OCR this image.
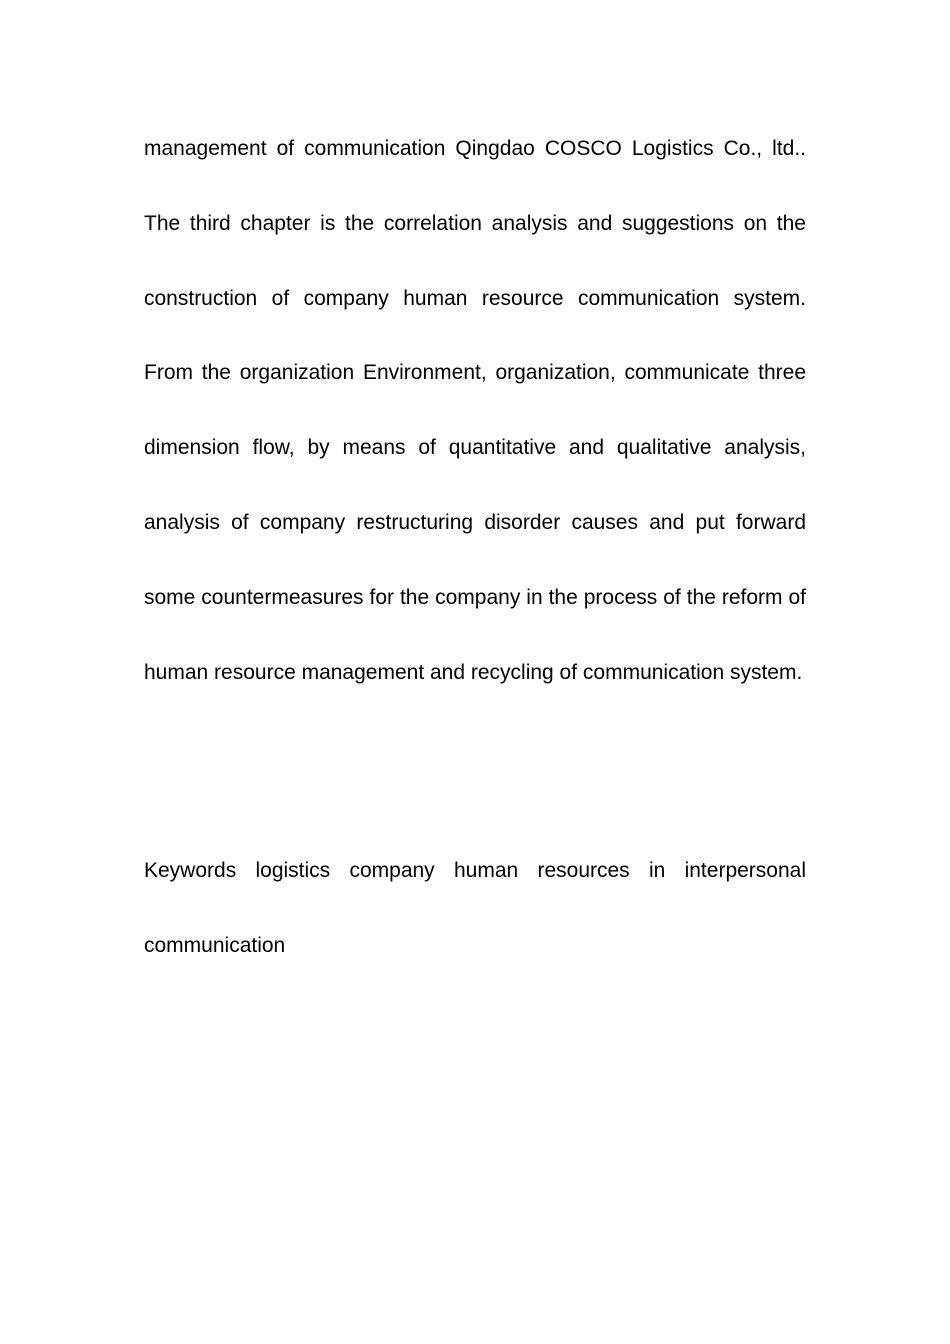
management of communication Qingdao COSCO Logistics Co., ltd.. The third chapter is the correlation analysis and suggestions on the construction of company human resource communication system. From the organization Environment, organization, communicate three dimension flow, by means of quantitative and qualitative analysis, analysis of company restructuring disorder causes and put forward some countermeasures for the company in the process of the reform of human resource management and recycling of communication system.

Keywords logistics company human resources in interpersonal communication
